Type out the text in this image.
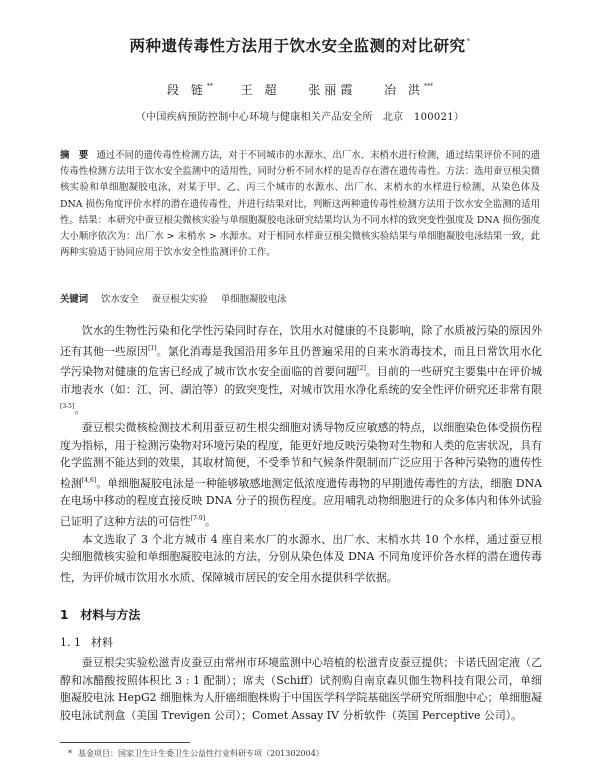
两种遗传毒性方法用于饮水安全监测的对比研究*
段 链** 王 超 张丽霞 冶 洪***
（中国疾病预防控制中心环境与健康相关产品安全所　北京　100021）
摘　要 通过不同的遗传毒性检测方法，对于不同城市的水源水、出厂水、末梢水进行检测，通过结果评价不同的遗传毒性检测方法用于饮水安全监测中的适用性，同时分析不同水样的是否存在潜在遗传毒性。方法：选用蚕豆根尖微核实验和单细胞凝胶电泳，对某于甲、乙、丙三个城市的水源水、出厂水、末梢水的水样进行检测，从染色体及 DNA 损伤角度评价水样的潜在遗传毒性，并进行结果对比，判断这两种遗传毒性检测方法用于饮水安全监测的适用性。结果：本研究中蚕豆根尖微核实验与单细胞凝胶电泳研究结果均认为不同水样的致突变性强度及 DNA 损伤强度大小顺序依次为：出厂水 > 末梢水 > 水源水。对于相同水样蚕豆根尖微核实验结果与单细胞凝胶电泳结果一致，此两种实验适于协同应用于饮水安全性监测评价工作。
关键词 饮水安全 蚕豆根尖实验 单细胞凝胶电泳

饮水的生物性污染和化学性污染同时存在，饮用水对健康的不良影响，除了水质被污染的原因外还有其他一些原因[1]。氯化消毒是我国沿用多年且仍普遍采用的自来水消毒技术，而且日常饮用水化学污染物对健康的危害已经成了城市饮水安全面临的首要问题[2]。目前的一些研究主要集中在评价城市地表水（如：江、河、湖泊等）的致突变性，对城市饮用水净化系统的安全性评价研究还非常有限[3-5]。

蚕豆根尖微核检测技术利用蚕豆初生根尖细胞对诱导物反应敏感的特点，以细胞染色体受损伤程度为指标，用于检测污染物对环境污染的程度，能更好地反映污染物对生物和人类的危害状况，具有化学监测不能达到的效果，其取材简便，不受季节和气候条件限制而广泛应用于各种污染物的遗传性检测[4,6]。单细胞凝胶电泳是一种能够敏感地测定低浓度遗传毒物的早期遗传毒性的方法，细胞 DNA 在电场中移动的程度直接反映 DNA 分子的损伤程度。应用哺乳动物细胞进行的众多体内和体外试验已证明了这种方法的可信性[7-9]。

本文选取了 3 个北方城市 4 座自来水厂的水源水、出厂水、末梢水共 10 个水样，通过蚕豆根尖细胞微核实验和单细胞凝胶电泳的方法，分别从染色体及 DNA 不同角度评价各水样的潜在遗传毒性，为评价城市饮用水水质、保障城市居民的安全用水提供科学依据。

1 材料与方法
1. 1 材料

蚕豆根尖实验松滋青皮蚕豆由常州市环境监测中心培植的松滋青皮蚕豆提供；卡诺氏固定液（乙醇和冰醋酸按照体积比 3 : 1 配制）；席夫（Schiff）试剂购自南京森贝伽生物科技有限公司，单细胞凝胶电泳 HepG2 细胞株为人肝癌细胞株购于中国医学科学院基础医学研究所细胞中心；单细胞凝胶电泳试剂盒（美国 Trevigen 公司）；Comet Assay IV 分析软件（英国 Perceptive 公司）。

* 基金项目：国家卫生计生委卫生公益性行业科研专项（201302004）
